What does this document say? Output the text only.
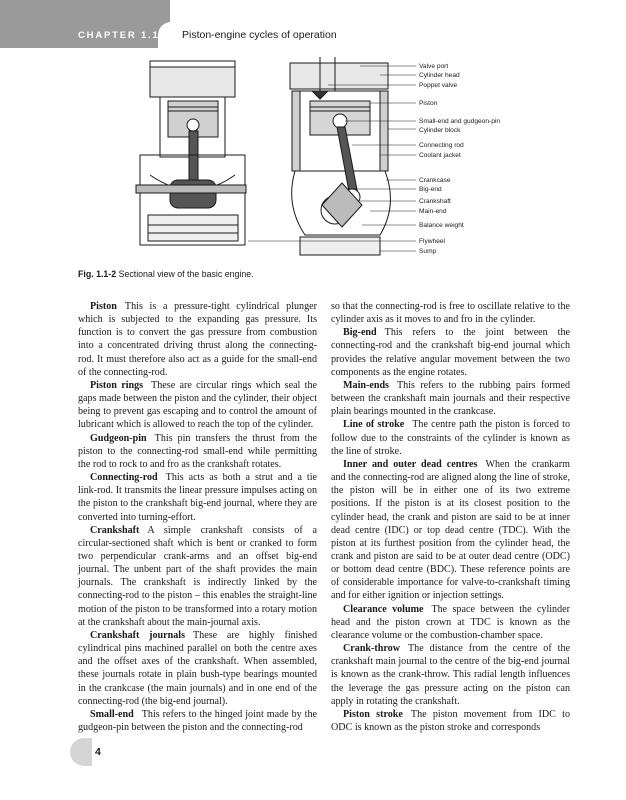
CHAPTER 1.1 Piston-engine cycles of operation
Valve port
Cylinder head
Poppet valve
Piston
Small-end and gudgeon-pin
Cylinder block
Connecting rod
Coolant jacket
Crankcase
Big-end
Crankshaft
Main-end
Balance weight
Flywheel
Sump
Fig. 1.1-2 Sectional view of the basic engine.

Piston This is a pressure-tight cylindrical plunger which is subjected to the expanding gas pressure. Its function is to convert the gas pressure from combustion into a concentrated driving thrust along the connecting-rod. It must therefore also act as a guide for the small-end of the connecting-rod.

Piston rings These are circular rings which seal the gaps made between the piston and the cylinder, their object being to prevent gas escaping and to control the amount of lubricant which is allowed to reach the top of the cylinder.

Gudgeon-pin This pin transfers the thrust from the piston to the connecting-rod small-end while permitting the rod to rock to and fro as the crankshaft rotates.

Connecting-rod This acts as both a strut and a tie link-rod. It transmits the linear pressure impulses acting on the piston to the crankshaft big-end journal, where they are converted into turning-effort.

Crankshaft A simple crankshaft consists of a circular-sectioned shaft which is bent or cranked to form two perpendicular crank-arms and an offset big-end journal. The unbent part of the shaft provides the main journals. The crankshaft is indirectly linked by the connecting-rod to the piston – this enables the straight-line motion of the piston to be transformed into a rotary motion at the crankshaft about the main-journal axis.

Crankshaft journals These are highly finished cylindrical pins machined parallel on both the centre axes and the offset axes of the crankshaft. When assembled, these journals rotate in plain bush-type bearings mounted in the crankcase (the main journals) and in one end of the connecting-rod (the big-end journal).

Small-end This refers to the hinged joint made by the gudgeon-pin between the piston and the connecting-rod

so that the connecting-rod is free to oscillate relative to the cylinder axis as it moves to and fro in the cylinder.

Big-end This refers to the joint between the connecting-rod and the crankshaft big-end journal which provides the relative angular movement between the two components as the engine rotates.

Main-ends This refers to the rubbing pairs formed between the crankshaft main journals and their respective plain bearings mounted in the crankcase.

Line of stroke The centre path the piston is forced to follow due to the constraints of the cylinder is known as the line of stroke.

Inner and outer dead centres When the crankarm and the connecting-rod are aligned along the line of stroke, the piston will be in either one of its two extreme positions. If the piston is at its closest position to the cylinder head, the crank and piston are said to be at inner dead centre (IDC) or top dead centre (TDC). With the piston at its furthest position from the cylinder head, the crank and piston are said to be at outer dead centre (ODC) or bottom dead centre (BDC). These reference points are of considerable importance for valve-to-crankshaft timing and for either ignition or injection settings.

Clearance volume The space between the cylinder head and the piston crown at TDC is known as the clearance volume or the combustion-chamber space.

Crank-throw The distance from the centre of the crankshaft main journal to the centre of the big-end journal is known as the crank-throw. This radial length influences the leverage the gas pressure acting on the piston can apply in rotating the crankshaft.

Piston stroke The piston movement from IDC to ODC is known as the piston stroke and corresponds

4
